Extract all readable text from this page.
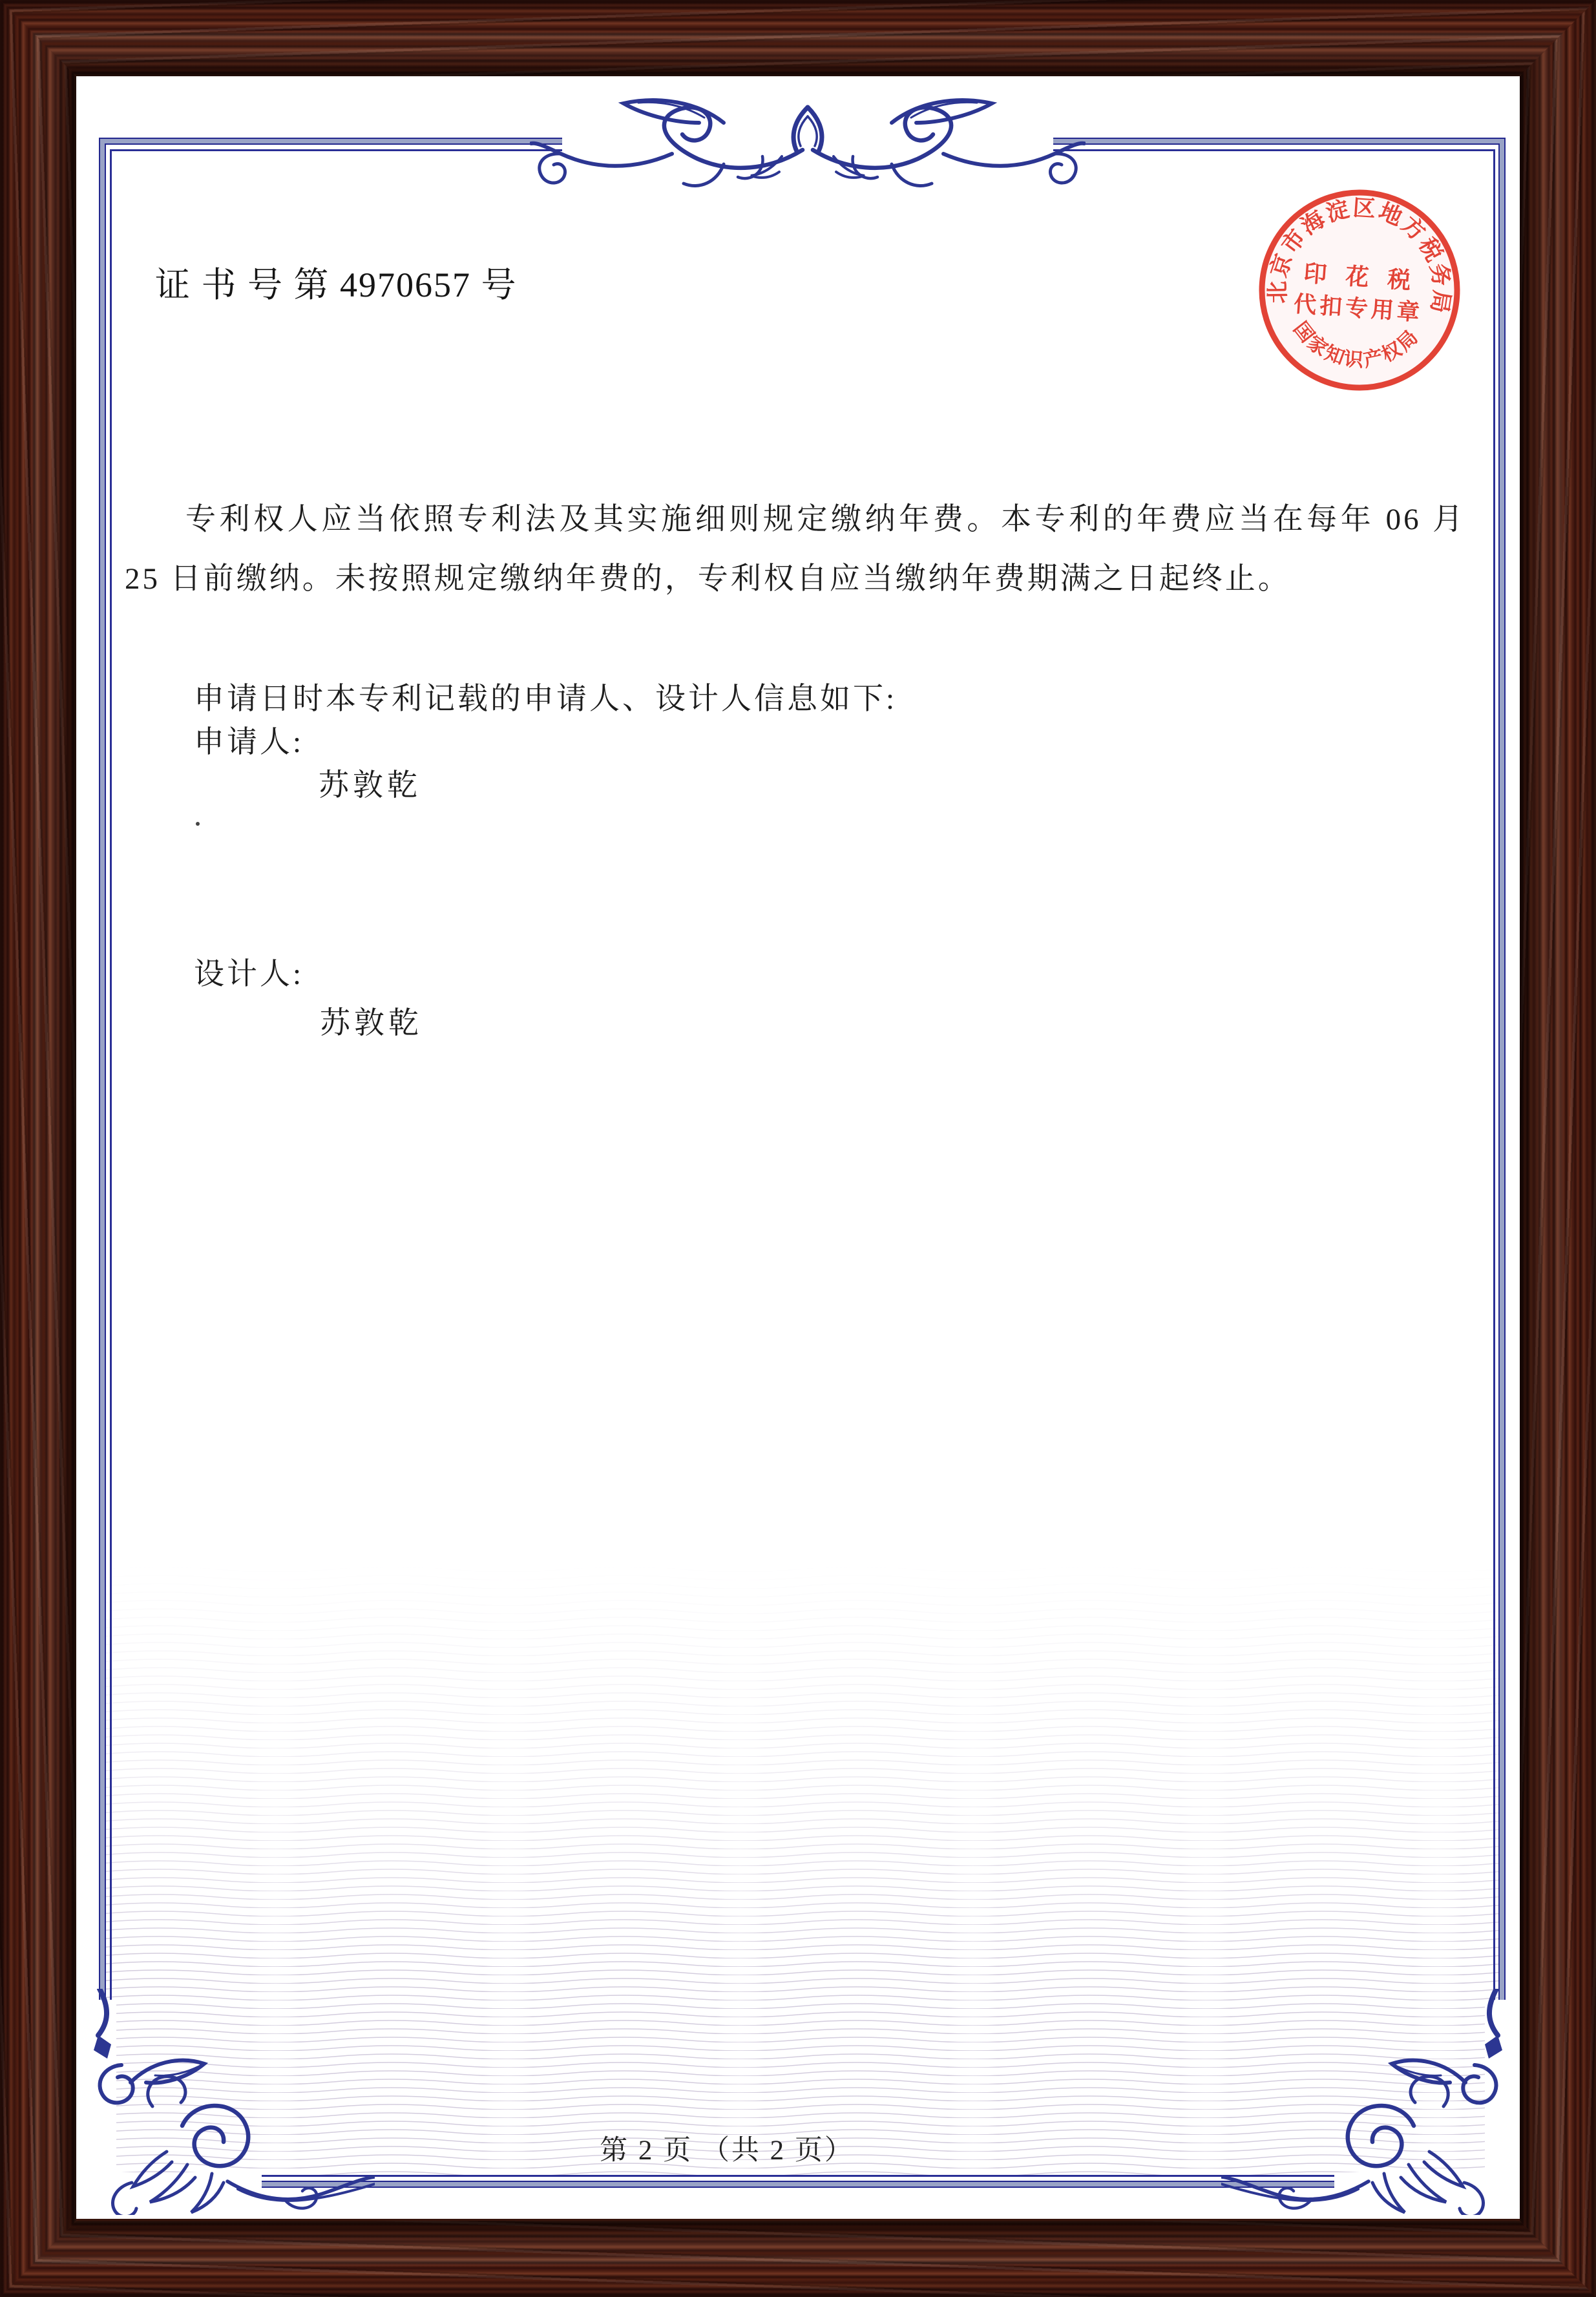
北京市海淀区地方税务局
国家知识产权局
印 花 税
代扣专用章
证 书 号 第 4970657 号
专利权人应当依照专利法及其实施细则规定缴纳年费。本专利的年费应当在每年 06 月 25 日前缴纳。未按照规定缴纳年费的，专利权自应当缴纳年费期满之日起终止。
申请日时本专利记载的申请人、设计人信息如下:
申请人:
苏敦乾
设计人:
苏敦乾
第 2 页 （共 2 页）
